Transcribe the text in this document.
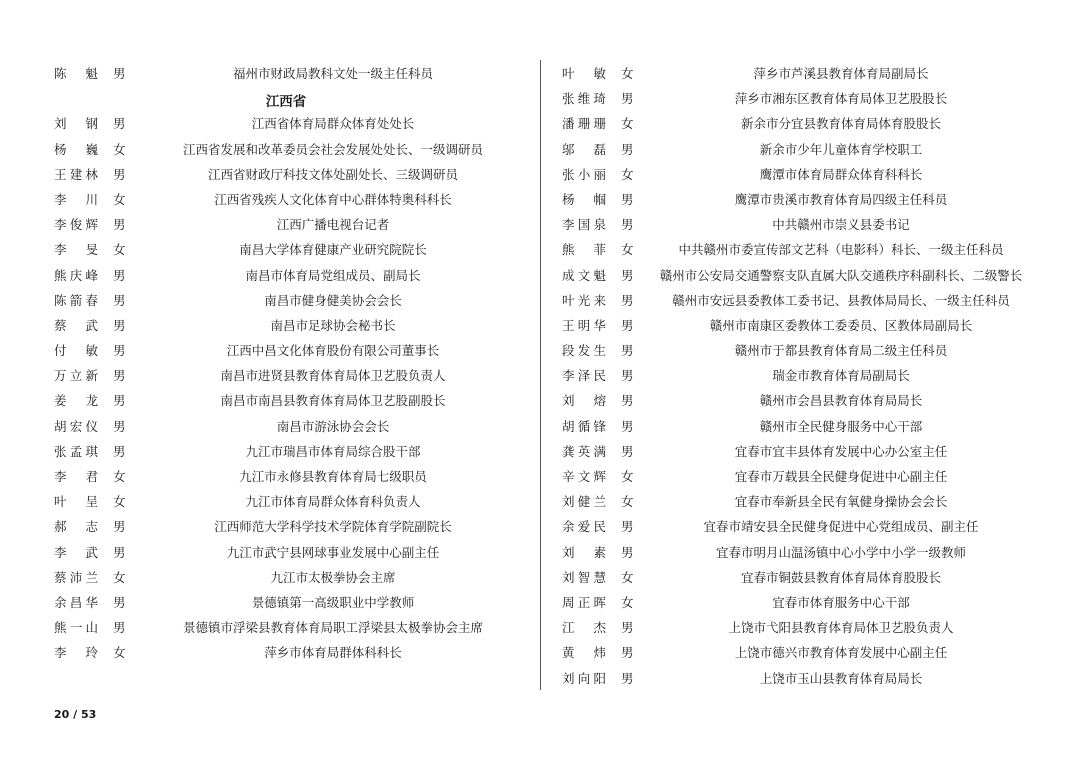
陈 魁 男	福州市财政局教科文处一级主任科员
江西省
刘 钢 男	江西省体育局群众体育处处长
杨 巍 女	江西省发展和改革委员会社会发展处处长、一级调研员
王建林 男	江西省财政厅科技文体处副处长、三级调研员
李 川 女	江西省残疾人文化体育中心群体特奥科科长
李俊辉 男	江西广播电视台记者
李 旻 女	南昌大学体育健康产业研究院院长
熊庆峰 男	南昌市体育局党组成员、副局长
陈箭春 男	南昌市健身健美协会会长
蔡 武 男	南昌市足球协会秘书长
付 敏 男	江西中昌文化体育股份有限公司董事长
万立新 男	南昌市进贤县教育体育局体卫艺股负责人
姜 龙 男	南昌市南昌县教育体育局体卫艺股副股长
胡宏仪 男	南昌市游泳协会会长
张孟琪 男	九江市瑞昌市体育局综合股干部
李 君 女	九江市永修县教育体育局七级职员
叶 呈 女	九江市体育局群众体育科负责人
郝 志 男	江西师范大学科学技术学院体育学院副院长
李 武 男	九江市武宁县网球事业发展中心副主任
蔡沛兰 女	九江市太极拳协会主席
余昌华 男	景德镇第一高级职业中学教师
熊一山 男	景德镇市浮梁县教育体育局职工浮梁县太极拳协会主席
李 玲 女	萍乡市体育局群体科科长
叶 敏 女	萍乡市芦溪县教育体育局副局长
张维琦 男	萍乡市湘东区教育体育局体卫艺股股长
潘珊珊 女	新余市分宜县教育体育局体育股股长
邬 磊 男	新余市少年儿童体育学校职工
张小丽 女	鹰潭市体育局群众体育科科长
杨 帼 男	鹰潭市贵溪市教育体育局四级主任科员
李国泉 男	中共赣州市崇义县委书记
熊 菲 女	中共赣州市委宣传部文艺科（电影科）科长、一级主任科员
成文魁 男	赣州市公安局交通警察支队直属大队交通秩序科副科长、二级警长
叶光来 男	赣州市安远县委教体工委书记、县教体局局长、一级主任科员
王明华 男	赣州市南康区委教体工委委员、区教体局副局长
段发生 男	赣州市于都县教育体育局二级主任科员
李泽民 男	瑞金市教育体育局副局长
刘 熔 男	赣州市会昌县教育体育局局长
胡循锋 男	赣州市全民健身服务中心干部
龚英满 男	宜春市宜丰县体育发展中心办公室主任
辛文辉 女	宜春市万载县全民健身促进中心副主任
刘健兰 女	宜春市奉新县全民有氧健身操协会会长
余爱民 男	宜春市靖安县全民健身促进中心党组成员、副主任
刘 素 男	宜春市明月山温汤镇中心小学中小学一级教师
刘智慧 女	宜春市铜鼓县教育体育局体育股股长
周正晖 女	宜春市体育服务中心干部
江 杰 男	上饶市弋阳县教育体育局体卫艺股负责人
黄 炜 男	上饶市德兴市教育体育发展中心副主任
刘向阳 男	上饶市玉山县教育体育局局长
20 / 53
